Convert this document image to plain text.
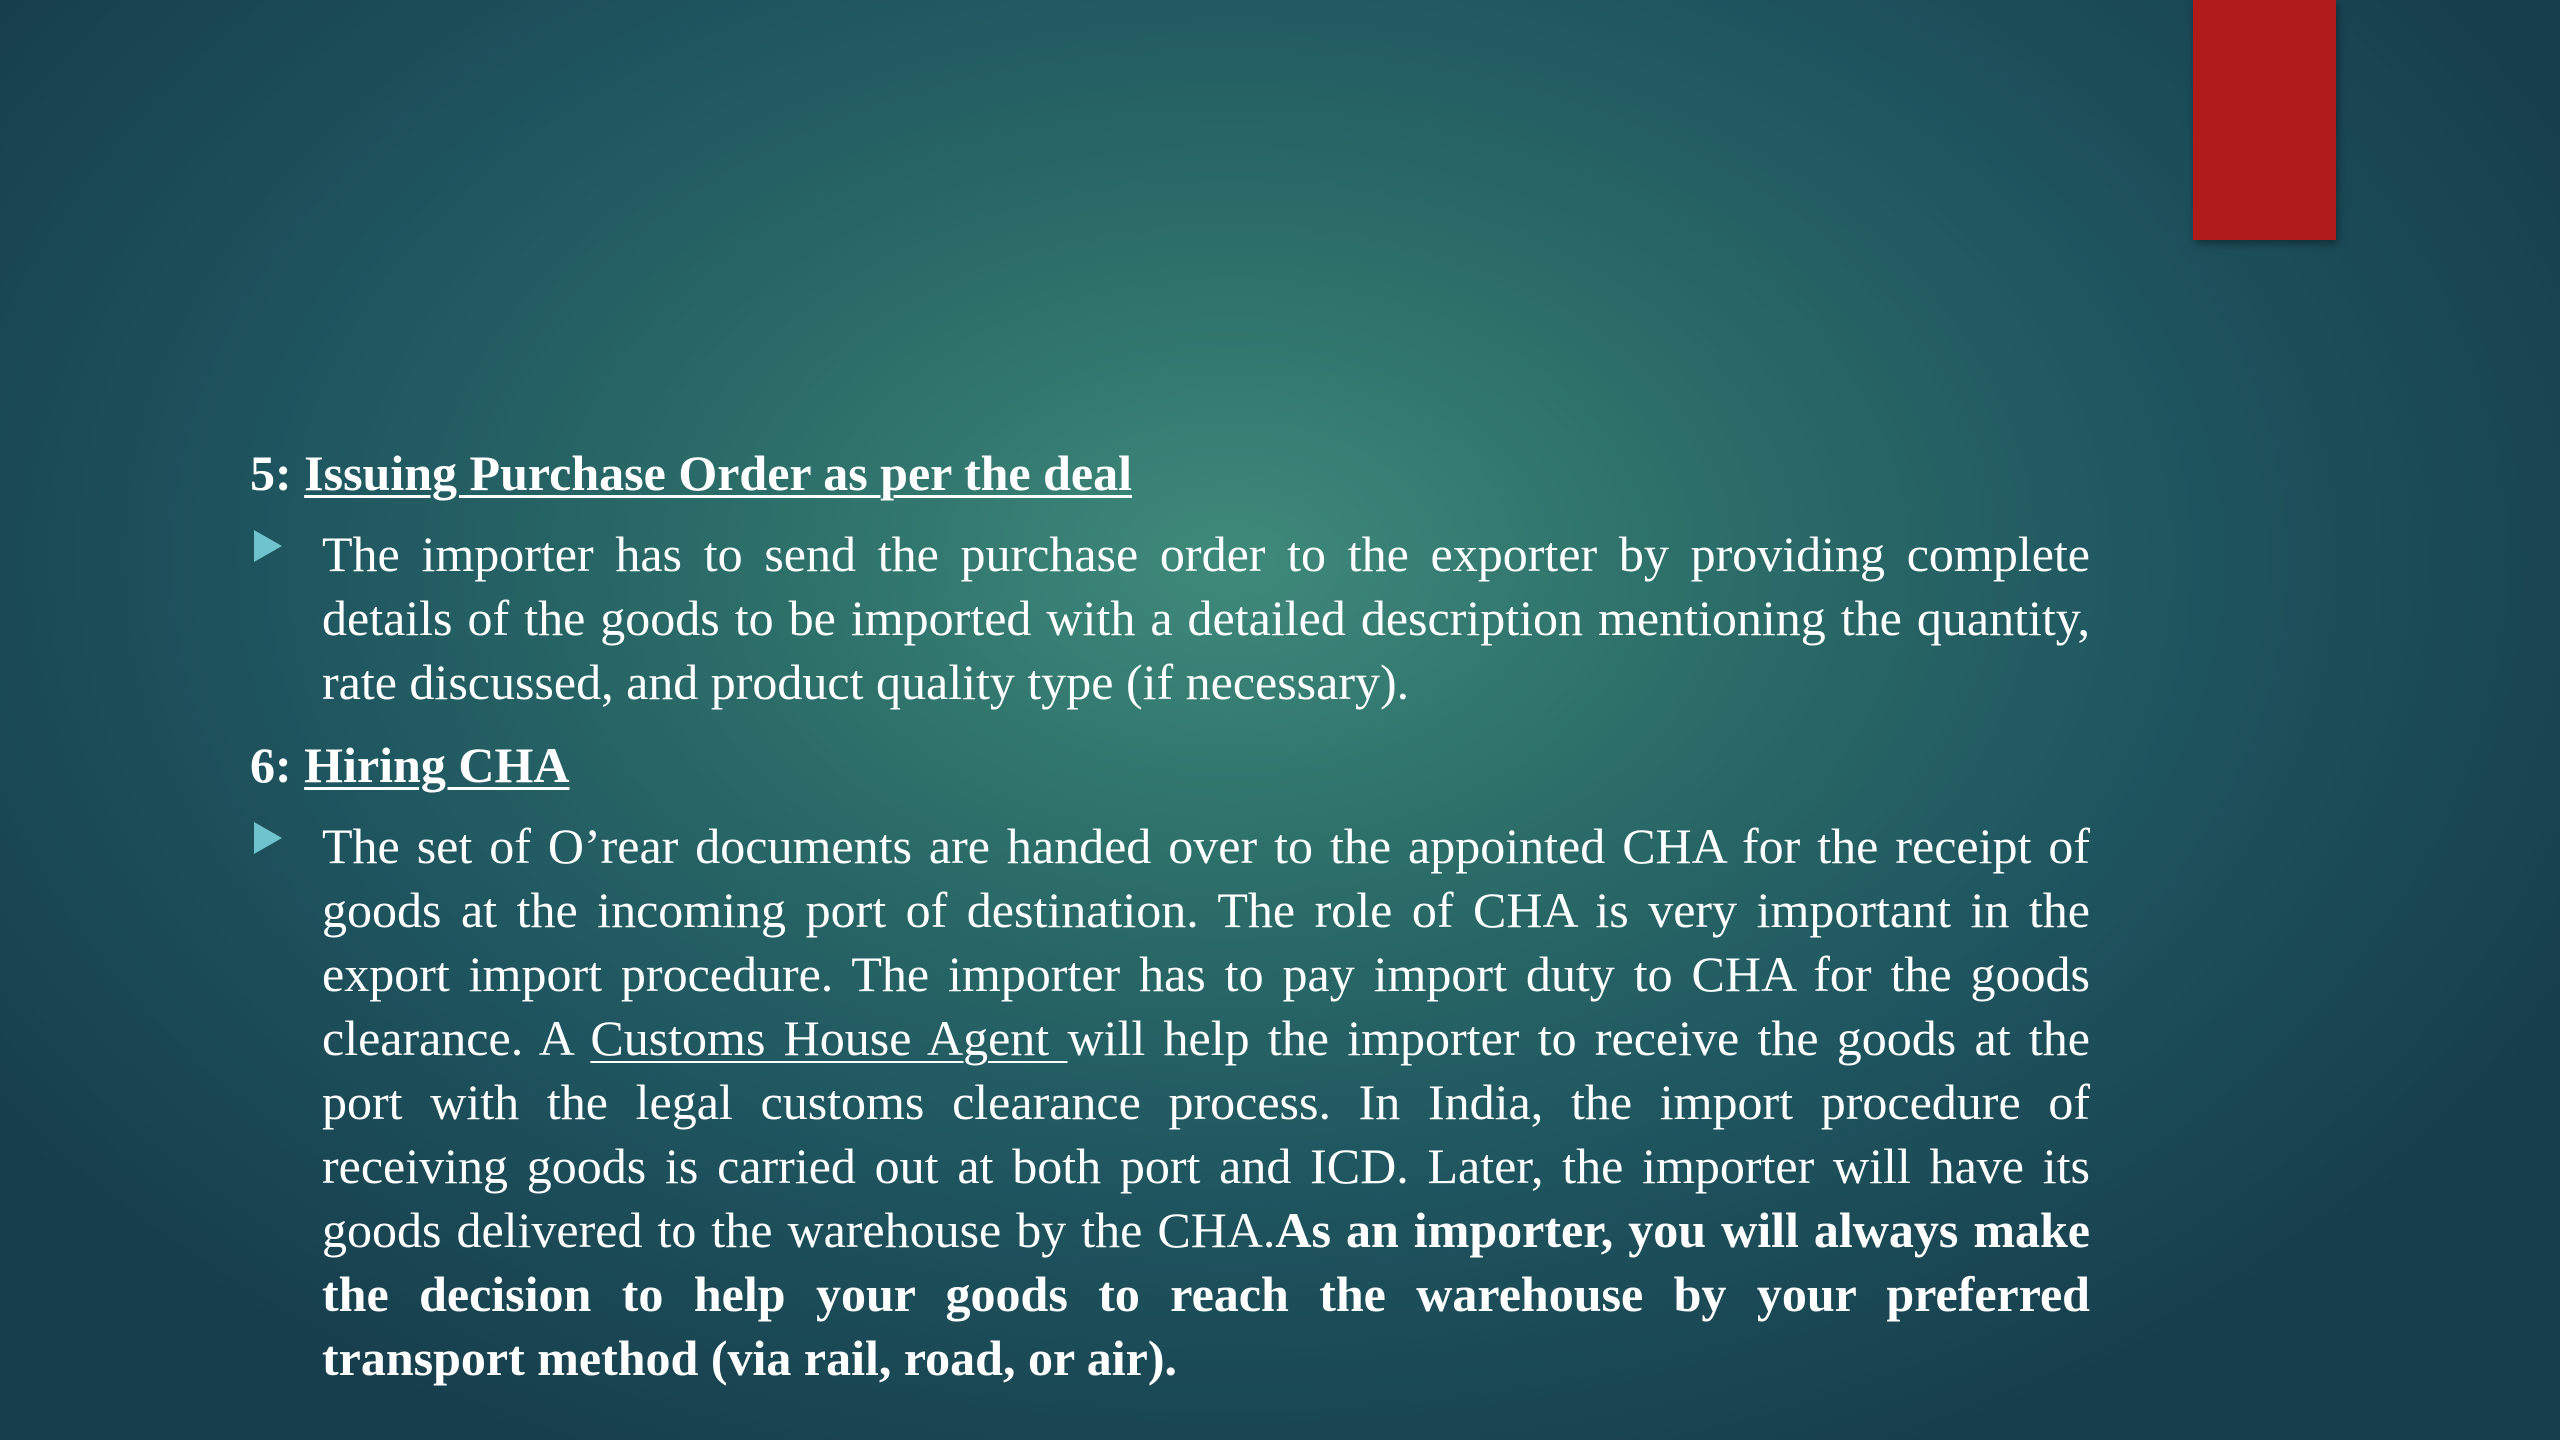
5: Issuing Purchase Order as per the deal

The importer has to send the purchase order to the exporter by providing complete details of the goods to be imported with a detailed description mentioning the quantity, rate discussed, and product quality type (if necessary).

6: Hiring CHA

The set of O’rear documents are handed over to the appointed CHA for the receipt of goods at the incoming port of destination. The role of CHA is very important in the export import procedure. The importer has to pay import duty to CHA for the goods clearance. A Customs House Agent will help the importer to receive the goods at the port with the legal customs clearance process. In India, the import procedure of receiving goods is carried out at both port and ICD. Later, the importer will have its goods delivered to the warehouse by the CHA.As an importer, you will always make the decision to help your goods to reach the warehouse by your preferred transport method (via rail, road, or air).
